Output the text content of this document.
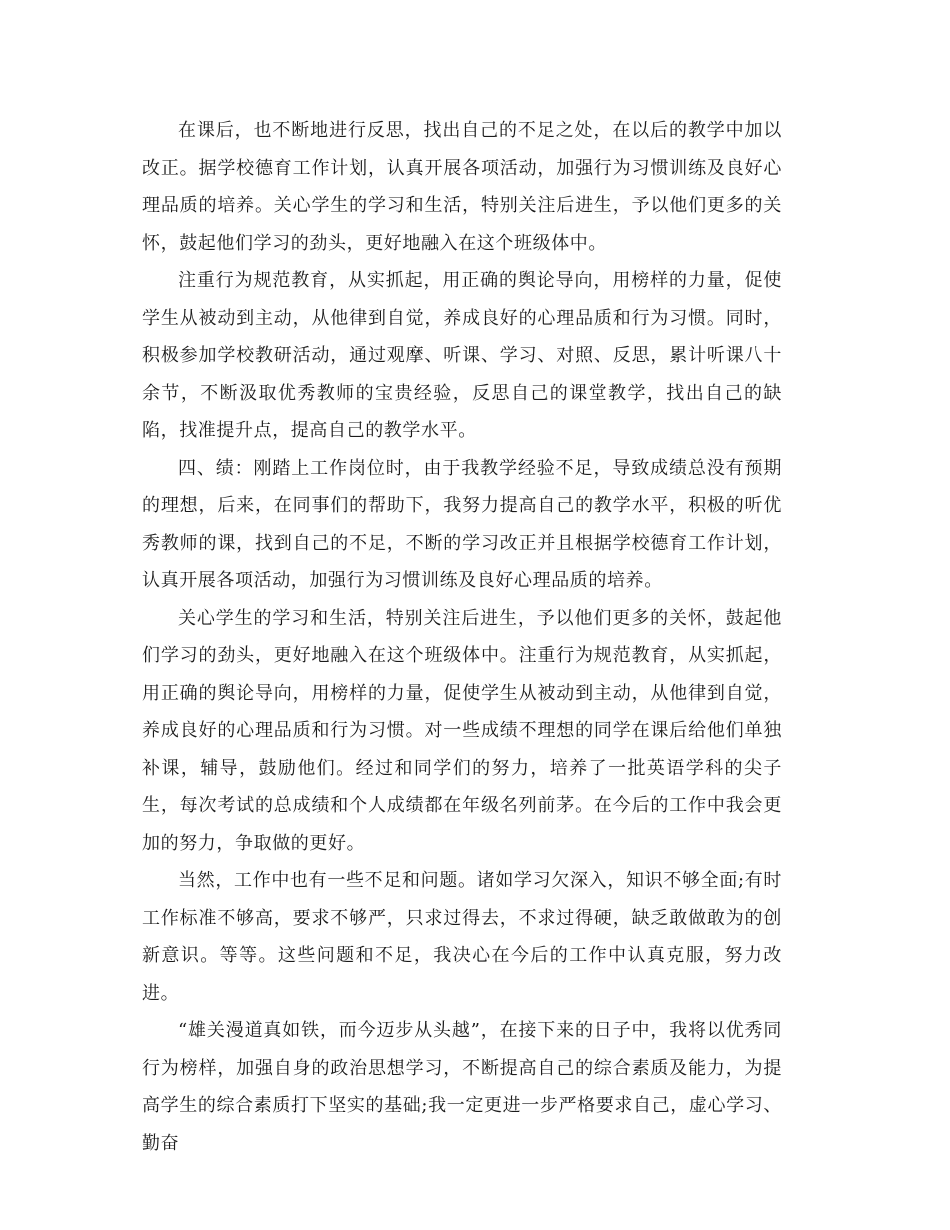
在课后，也不断地进行反思，找出自己的不足之处，在以后的教学中加以改正。据学校德育工作计划，认真开展各项活动，加强行为习惯训练及良好心理品质的培养。关心学生的学习和生活，特别关注后进生，予以他们更多的关怀，鼓起他们学习的劲头，更好地融入在这个班级体中。

注重行为规范教育，从实抓起，用正确的舆论导向，用榜样的力量，促使学生从被动到主动，从他律到自觉，养成良好的心理品质和行为习惯。同时，积极参加学校教研活动，通过观摩、听课、学习、对照、反思，累计听课八十余节，不断汲取优秀教师的宝贵经验，反思自己的课堂教学，找出自己的缺陷，找准提升点，提高自己的教学水平。

四、绩：刚踏上工作岗位时，由于我教学经验不足，导致成绩总没有预期的理想，后来，在同事们的帮助下，我努力提高自己的教学水平，积极的听优秀教师的课，找到自己的不足，不断的学习改正并且根据学校德育工作计划，认真开展各项活动，加强行为习惯训练及良好心理品质的培养。

关心学生的学习和生活，特别关注后进生，予以他们更多的关怀，鼓起他们学习的劲头，更好地融入在这个班级体中。注重行为规范教育，从实抓起，用正确的舆论导向，用榜样的力量，促使学生从被动到主动，从他律到自觉，养成良好的心理品质和行为习惯。对一些成绩不理想的同学在课后给他们单独补课，辅导，鼓励他们。经过和同学们的努力，培养了一批英语学科的尖子生，每次考试的总成绩和个人成绩都在年级名列前茅。在今后的工作中我会更加的努力，争取做的更好。

当然，工作中也有一些不足和问题。诸如学习欠深入，知识不够全面;有时工作标准不够高，要求不够严，只求过得去，不求过得硬，缺乏敢做敢为的创新意识。等等。这些问题和不足，我决心在今后的工作中认真克服，努力改进。

“雄关漫道真如铁，而今迈步从头越”，在接下来的日子中，我将以优秀同行为榜样，加强自身的政治思想学习，不断提高自己的综合素质及能力，为提高学生的综合素质打下坚实的基础;我一定更进一步严格要求自己，虚心学习、勤奋
